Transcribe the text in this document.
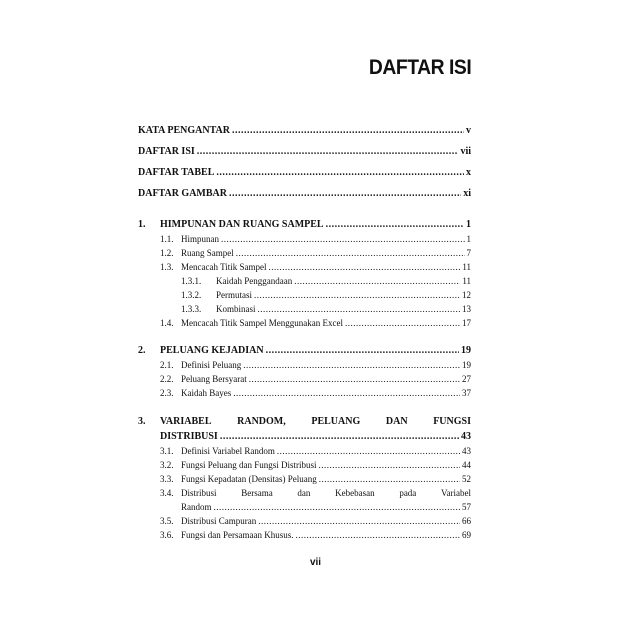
DAFTAR ISI
KATA PENGANTAR .....	v
DAFTAR ISI .....	vii
DAFTAR TABEL .....	x
DAFTAR GAMBAR .....	xi
1.	HIMPUNAN DAN RUANG SAMPEL .....	1
1.1. Himpunan .....	1
1.2. Ruang Sampel .....	7
1.3. Mencacah Titik Sampel .....	11
1.3.1.	Kaidah Penggandaan .....	11
1.3.2.	Permutasi .....	12
1.3.3.	Kombinasi .....	13
1.4. Mencacah Titik Sampel Menggunakan Excel .....	17
2.	PELUANG KEJADIAN .....	19
2.1. Definisi Peluang .....	19
2.2. Peluang Bersyarat .....	27
2.3. Kaidah Bayes .....	37
3.	VARIABEL	RANDOM,	PELUANG	DAN	FUNGSI
DISTRIBUSI .....	43
3.1. Definisi Variabel Random .....	43
3.2. Fungsi Peluang dan Fungsi Distribusi .....	44
3.3. Fungsi Kepadatan (Densitas) Peluang .....	52
3.4. Distribusi	Bersama	dan	Kebebasan	pada	Variabel
Random .....	57
3.5. Distribusi Campuran .....	66
3.6. Fungsi dan Persamaan Khusus. .....	69
vii
